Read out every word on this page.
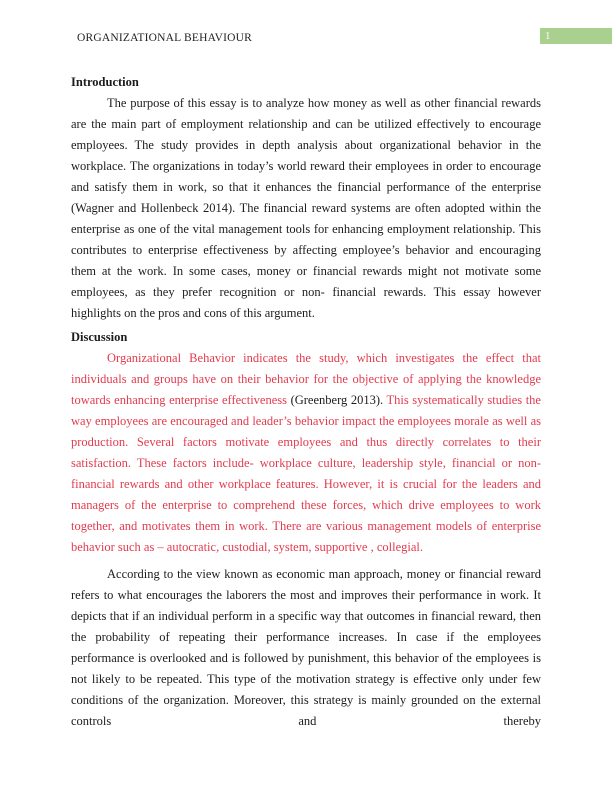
ORGANIZATIONAL BEHAVIOUR	1
Introduction

The purpose of this essay is to analyze how money as well as other financial rewards are the main part of employment relationship and can be utilized effectively to encourage employees. The study provides in depth analysis about organizational behavior in the workplace. The organizations in today’s world reward their employees in order to encourage and satisfy them in work, so that it enhances the financial performance of the enterprise (Wagner and Hollenbeck 2014). The financial reward systems are often adopted within the enterprise as one of the vital management tools for enhancing employment relationship. This contributes to enterprise effectiveness by affecting employee’s behavior and encouraging them at the work. In some cases, money or financial rewards might not motivate some employees, as they prefer recognition or non- financial rewards. This essay however highlights on the pros and cons of this argument.

Discussion

Organizational Behavior indicates the study, which investigates the effect that individuals and groups have on their behavior for the objective of applying the knowledge towards enhancing enterprise effectiveness (Greenberg 2013). This systematically studies the way employees are encouraged and leader’s behavior impact the employees morale as well as production. Several factors motivate employees and thus directly correlates to their satisfaction. These factors include- workplace culture, leadership style, financial or non- financial rewards and other workplace features. However, it is crucial for the leaders and managers of the enterprise to comprehend these forces, which drive employees to work together, and motivates them in work. There are various management models of enterprise behavior such as – autocratic, custodial, system, supportive , collegial.

According to the view known as economic man approach, money or financial reward refers to what encourages the laborers the most and improves their performance in work. It depicts that if an individual perform in a specific way that outcomes in financial reward, then the probability of repeating their performance increases. In case if the employees performance is overlooked and is followed by punishment, this behavior of the employees is not likely to be repeated. This type of the motivation strategy is effective only under few conditions of the organization. Moreover, this strategy is mainly grounded on the external controls and thereby
